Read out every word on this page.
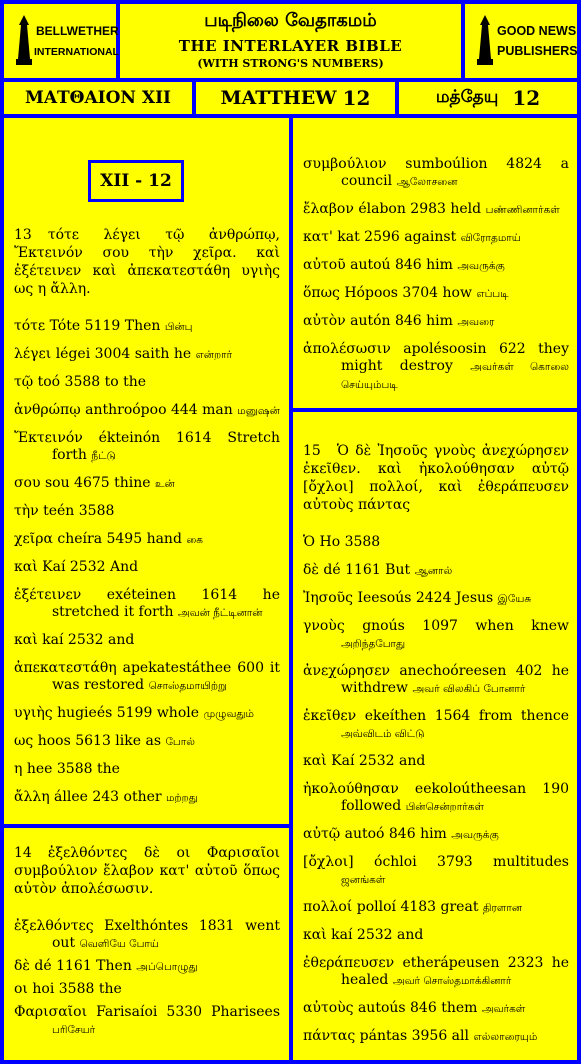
BELLWETHER
INTERNATIONAL
படிநிலை வேதாகமம்
THE INTERLAYER BIBLE
(WITH STRONG'S NUMBERS)
GOOD NEWS
PUBLISHERS
ΜΑΤΘΑΙΟΝ XII	MATTHEW 12	மத்தேயு 12
XII - 12
13 τότε λέγει τῷ ἀνθρώπῳ, Ἔκτεινόν σου τὴν χεῖρα. καὶ ἐξέτεινεν καὶ ἀπεκατεστάθη υγιὴς ως η ἄλλη.

τότε Tóte 5119 Then பின்பு

λέγει légei 3004 saith he என்றார்

τῷ toó 3588 to the

ἀνθρώπῳ anthroópoo 444 man மனுஷன்

Ἔκτεινόν ékteinón 1614 Stretch forth நீட்டு

σου sou 4675 thine உன்

τὴν teén 3588

χεῖρα cheíra 5495 hand கை

καὶ Kaí 2532 And

ἐξέτεινεν exéteinen 1614 he stretched it forth அவன் நீட்டினான்

καὶ kaí 2532 and

ἀπεκατεστάθη apekatestáthee 600 it was restored சொஸ்தமாயிற்று

υγιὴς hugieés 5199 whole முழுவதும்

ως hoos 5613 like as போல்

η hee 3588 the

ἄλλη állee 243 other மற்றது

14 ἐξελθόντες δὲ οι Φαρισαῖοι συμβούλιον ἔλαβον κατ' αὐτοῦ ὅπως αὐτὸν ἀπολέσωσιν.

ἐξελθόντες Exelthóntes 1831 went out வெளியே போய்

δὲ dé 1161 Then அப்பொழுது

οι hoi 3588 the

Φαρισαῖοι Farisaíoi 5330 Pharisees பரிசேயர்

συμβούλιον sumboúlion 4824 a council ஆலோசனை

ἔλαβον élabon 2983 held பண்ணினார்கள்

κατ' kat 2596 against விரோதமாய்

αὐτοῦ autoú 846 him அவருக்கு

ὅπως Hópoos 3704 how எப்படி

αὐτὸν autón 846 him அவரை

ἀπολέσωσιν apolésoosin 622 they might destroy அவர்கள் கொலை செய்யும்படி

15 Ὁ δὲ Ἰησοῦς γνοὺς ἀνεχώρησεν ἐκεῖθεν. καὶ ἠκολούθησαν αὐτῷ [ὄχλοι] πολλοί, καὶ ἐθεράπευσεν αὐτοὺς πάντας

Ὁ Ho 3588

δὲ dé 1161 But ஆனால்

Ἰησοῦς Ieesoús 2424 Jesus இயேசு

γνοὺς gnoús 1097 when knew அறிந்தபோது

ἀνεχώρησεν anechoóreesen 402 he withdrew அவர் விலகிப் போனார்

ἐκεῖθεν ekeíthen 1564 from thence அவ்விடம் விட்டு

καὶ Kaí 2532 and

ἠκολούθησαν eekoloútheesan 190 followed பின்சென்றார்கள்

αὐτῷ autoó 846 him அவருக்கு

[ὄχλοι] óchloi 3793 multitudes ஜனங்கள்

πολλοί polloí 4183 great திரளான

καὶ kaí 2532 and

ἐθεράπευσεν etherápeusen 2323 he healed அவர் சொஸ்தமாக்கினார்

αὐτοὺς autoús 846 them அவர்கள்

πάντας pántas 3956 all எல்லாரையும்
